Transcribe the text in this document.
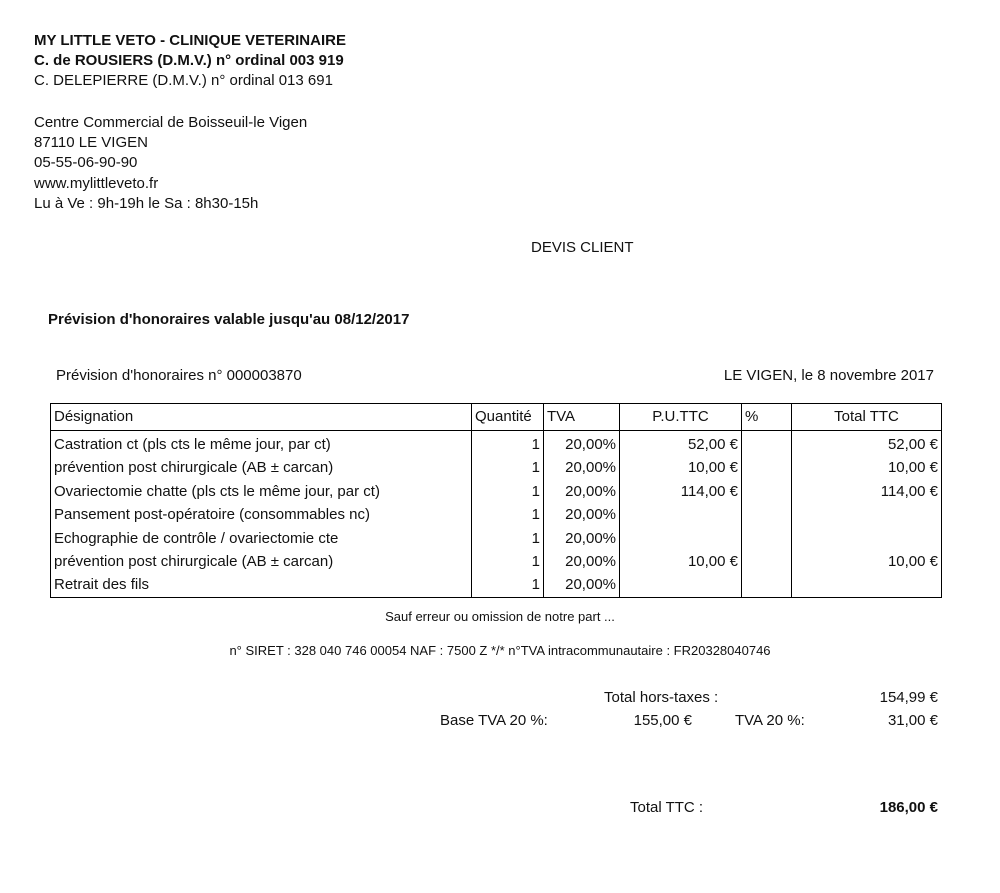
MY LITTLE VETO - CLINIQUE VETERINAIRE
C. de ROUSIERS (D.M.V.) n° ordinal 003 919
C. DELEPIERRE (D.M.V.) n° ordinal 013 691
Centre Commercial de Boisseuil-le Vigen
87110 LE VIGEN
05-55-06-90-90
www.mylittleveto.fr
Lu à Ve : 9h-19h le Sa : 8h30-15h
DEVIS CLIENT
Prévision d'honoraires valable jusqu'au 08/12/2017
Prévision d'honoraires n° 000003870	LE VIGEN, le 8 novembre 2017
Désignation	Quantité	TVA	P.U.TTC	%	Total TTC
Castration ct (pls cts le même jour, par ct)	1	20,00%	52,00 €		52,00 €
prévention post chirurgicale (AB ± carcan)	1	20,00%	10,00 €		10,00 €
Ovariectomie chatte (pls cts le même jour, par ct)	1	20,00%	114,00 €		114,00 €
Pansement post-opératoire (consommables nc)	1	20,00%			
Echographie de contrôle / ovariectomie cte	1	20,00%			
prévention post chirurgicale (AB ± carcan)	1	20,00%	10,00 €		10,00 €
Retrait des fils	1	20,00%			
Sauf erreur ou omission de notre part ...
n° SIRET : 328 040 746 00054 NAF : 7500 Z */* n°TVA intracommunautaire : FR20328040746
Total hors-taxes :	154,99 €
Base TVA 20 %:	155,00 €	TVA 20 %:	31,00 €
Total TTC :	186,00 €
